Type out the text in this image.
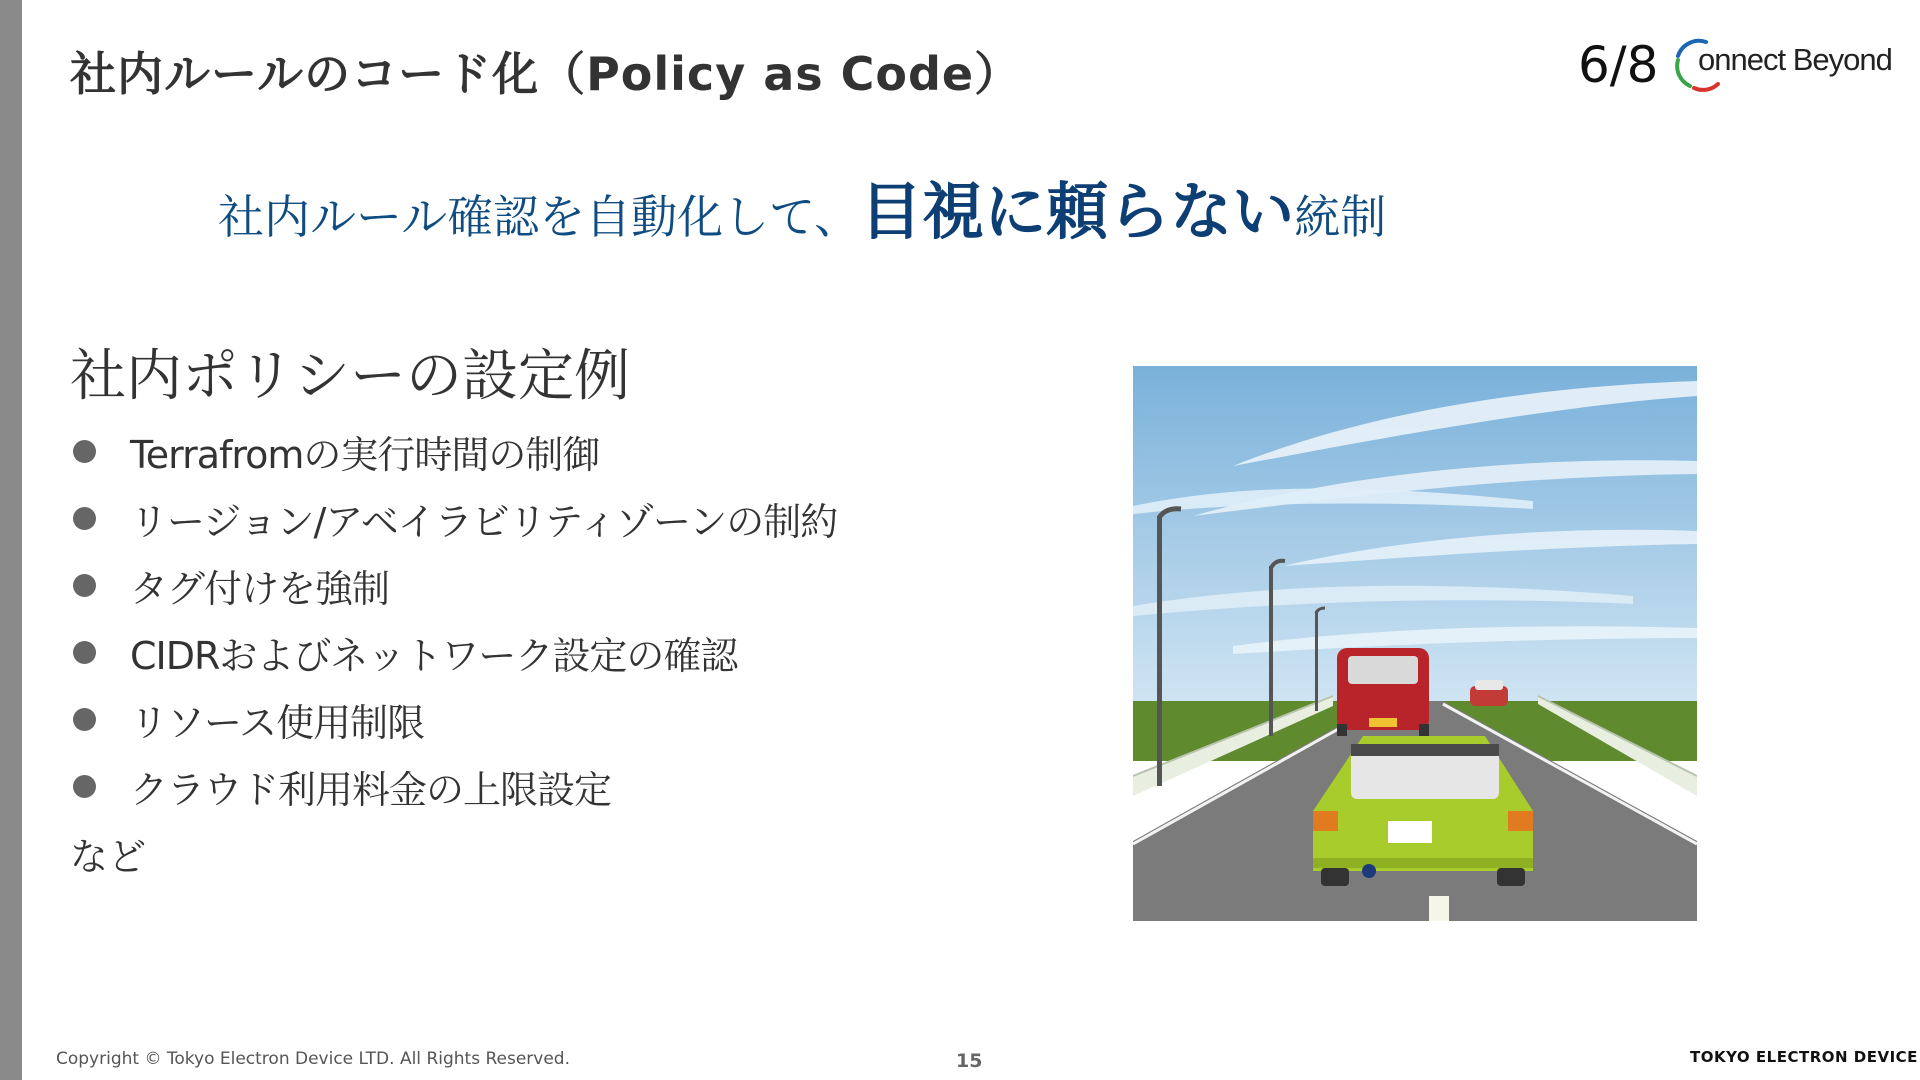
社内ルールのコード化（Policy as Code）	6/8 onnect Beyond
社内ルール確認を自動化して、目視に頼らない統制
社内ポリシーの設定例
Terrafromの実行時間の制御
リージョン/アベイラビリティゾーンの制約
タグ付けを強制
CIDRおよびネットワーク設定の確認
リソース使用制限
クラウド利用料金の上限設定
など
Copyright © Tokyo Electron Device LTD. All Rights Reserved.	15	TOKYO ELECTRON DEVICE
